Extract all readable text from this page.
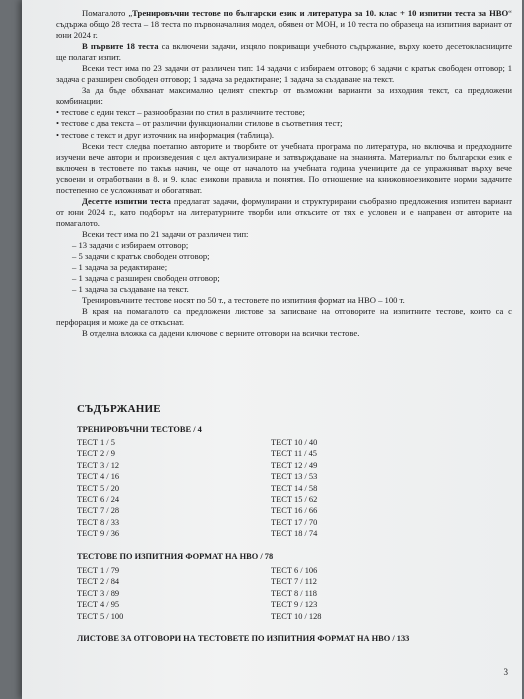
Помагалото „Тренировъчни тестове по български език и литература за 10. клас + 10 изпитни теста за НВО“ съдържа общо 28 теста – 18 теста по първоначалния модел, обявен от МОН, и 10 теста по образеца на изпитния вариант от юни 2024 г.

В първите 18 теста са включени задачи, изцяло покриващи учебното съдържание, върху което десетокласниците ще полагат изпит.

Всеки тест има по 23 задачи от различен тип: 14 задачи с избираем отговор; 6 задачи с кратък свободен отговор; 1 задача с разширен свободен отговор; 1 задача за редактиране; 1 задача за създаване на текст.

За да бъде обхванат максимално целият спектър от възможни варианти за изходния текст, са предложени комбинации:

• тестове с един текст – разнообразни по стил в различните тестове;

• тестове с два текста – от различни функционални стилове в съответния тест;

• тестове с текст и друг източник на информация (таблица).

Всеки тест следва поетапно авторите и творбите от учебната програма по литература, но включва и предходните изучени вече автори и произведения с цел актуализиране и затвърждаване на знанията. Материалът по български език е включен в тестовете по такъв начин, че още от началото на учебната година учениците да се упражняват върху вече усвоени и отработвани в 8. и 9. клас езикови правила и понятия. По отношение на книжовноезиковите норми задачите постепенно се усложняват и обогатяват.

Десетте изпитни теста предлагат задачи, формулирани и структурирани съобразно предложения изпитен вариант от юни 2024 г., като подборът на литературните творби или откъсите от тях е условен и е направен от авторите на помагалото.

Всеки тест има по 21 задачи от различен тип:

– 13 задачи с избираем отговор;

– 5 задачи с кратък свободен отговор;

– 1 задача за редактиране;

– 1 задача с разширен свободен отговор;

– 1 задача за създаване на текст.

Тренировъчните тестове носят по 50 т., а тестовете по изпитния формат на НВО – 100 т.

В края на помагалото са предложени листове за записване на отговорите на изпитните тестове, които са с перфорация и може да се откъснат.

В отделна вложка са дадени ключове с верните отговори на всички тестове.

СЪДЪРЖАНИЕ
ТРЕНИРОВЪЧНИ ТЕСТОВЕ / 4
ТЕСТ 1 / 5
ТЕСТ 2 / 9
ТЕСТ 3 / 12
ТЕСТ 4 / 16
ТЕСТ 5 / 20
ТЕСТ 6 / 24
ТЕСТ 7 / 28
ТЕСТ 8 / 33
ТЕСТ 9 / 36
ТЕСТ 10 / 40
ТЕСТ 11 / 45
ТЕСТ 12 / 49
ТЕСТ 13 / 53
ТЕСТ 14 / 58
ТЕСТ 15 / 62
ТЕСТ 16 / 66
ТЕСТ 17 / 70
ТЕСТ 18 / 74
ТЕСТОВЕ ПО ИЗПИТНИЯ ФОРМАТ НА НВО / 78
ТЕСТ 1 / 79
ТЕСТ 2 / 84
ТЕСТ 3 / 89
ТЕСТ 4 / 95
ТЕСТ 5 / 100
ТЕСТ 6 / 106
ТЕСТ 7 / 112
ТЕСТ 8 / 118
ТЕСТ 9 / 123
ТЕСТ 10 / 128
ЛИСТОВЕ ЗА ОТГОВОРИ НА ТЕСТОВЕТЕ ПО ИЗПИТНИЯ ФОРМАТ НА НВО / 133
3
